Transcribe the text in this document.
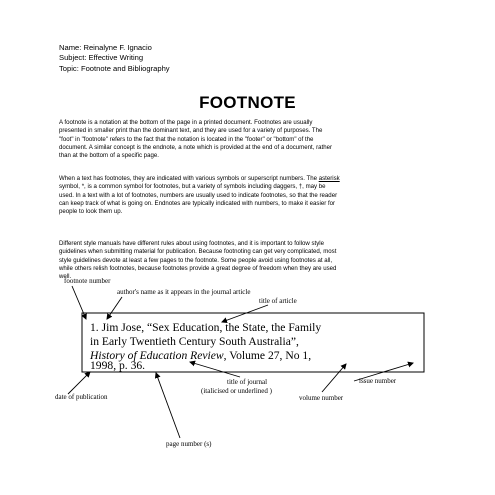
Name: Reinalyne F. Ignacio
Subject: Effective Writing
Topic: Footnote and Bibliography
FOOTNOTE

A footnote is a notation at the bottom of the page in a printed document. Footnotes are usually
presented in smaller print than the dominant text, and they are used for a variety of purposes. The
"foot" in "footnote" refers to the fact that the notation is located in the "footer" or "bottom" of the
document. A similar concept is the endnote, a note which is provided at the end of a document, rather
than at the bottom of a specific page.

When a text has footnotes, they are indicated with various symbols or superscript numbers. The asterisk
symbol, *, is a common symbol for footnotes, but a variety of symbols including daggers, †, may be
used. In a text with a lot of footnotes, numbers are usually used to indicate footnotes, so that the reader
can keep track of what is going on. Endnotes are typically indicated with numbers, to make it easier for
people to look them up.

Different style manuals have different rules about using footnotes, and it is important to follow style
guidelines when submitting material for publication. Because footnoting can get very complicated, most
style guidelines devote at least a few pages to the footnote. Some people avoid using footnotes at all,
while others relish footnotes, because footnotes provide a great degree of freedom when they are used
well.

1. Jim Jose, “Sex Education, the State, the Family
in Early Twentieth Century South Australia”,
History of Education Review, Volume 27, No 1,
1998, p. 36.
footnote number
author's name as it appears in the journal article
title of article
title of journal
(italicised or underlined )
issue number
date of publication	volume number
page number (s)
